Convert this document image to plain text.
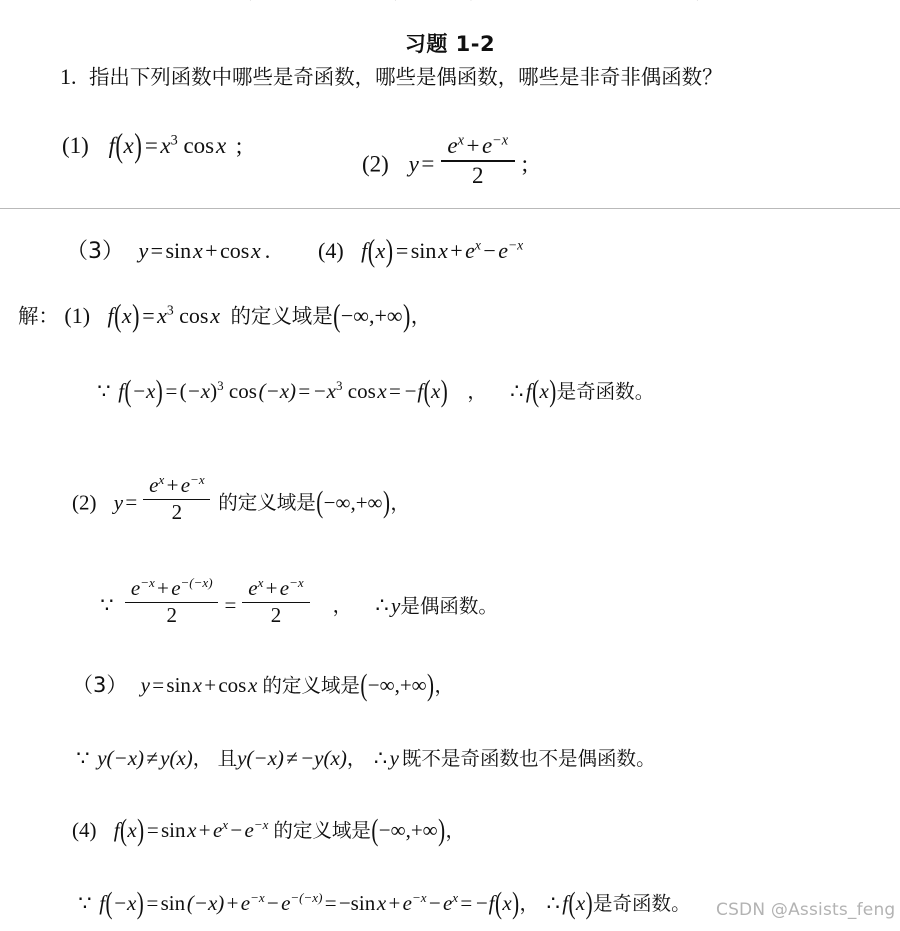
习题 1-2
1. 指出下列函数中哪些是奇函数，哪些是偶函数，哪些是非奇非偶函数？
(1) $f(x) = x^3$ cosx ;
(2) $y = \frac{e^x + e^{-x}}{2}$ ;
（3） y = sinx + cosx . (4) $f(x) = \sin x + e^x - e^{-x}$
解： (1) $f(x) = x^3$ cosx 的定义域是(−∞,+∞)，
∵ $f(-x) = (-x)^3$ $\cos(-x) = -x^3$ cosx = −f(x) ， ∴ f(x)是奇函数。
(2) $y = \frac{e^x + e^{-x}}{2}$ 的定义域是(−∞,+∞)，
∵ $\frac{e^{-x} + e^{-(-x)}}{2} = \frac{e^x + e^{-x}}{2}$ ， ∴ y是偶函数。
（3） y = sinx + cosx 的定义域是(−∞,+∞)，
∵ y(−x) ≠ y(x)， 且y(−x) ≠ −y(x)， ∴ y 既不是奇函数也不是偶函数。
(4) $f(x) = \sin x + e^x - e^{-x}$ 的定义域是(−∞,+∞)，
∵ $f(-x) = \sin(-x) + e^{-x} - e^{-(-x)} = -\sin x + e^{-x} - e^x = -f(x)$， ∴ f(x)是奇函数。 CSDN @Assists_feng
